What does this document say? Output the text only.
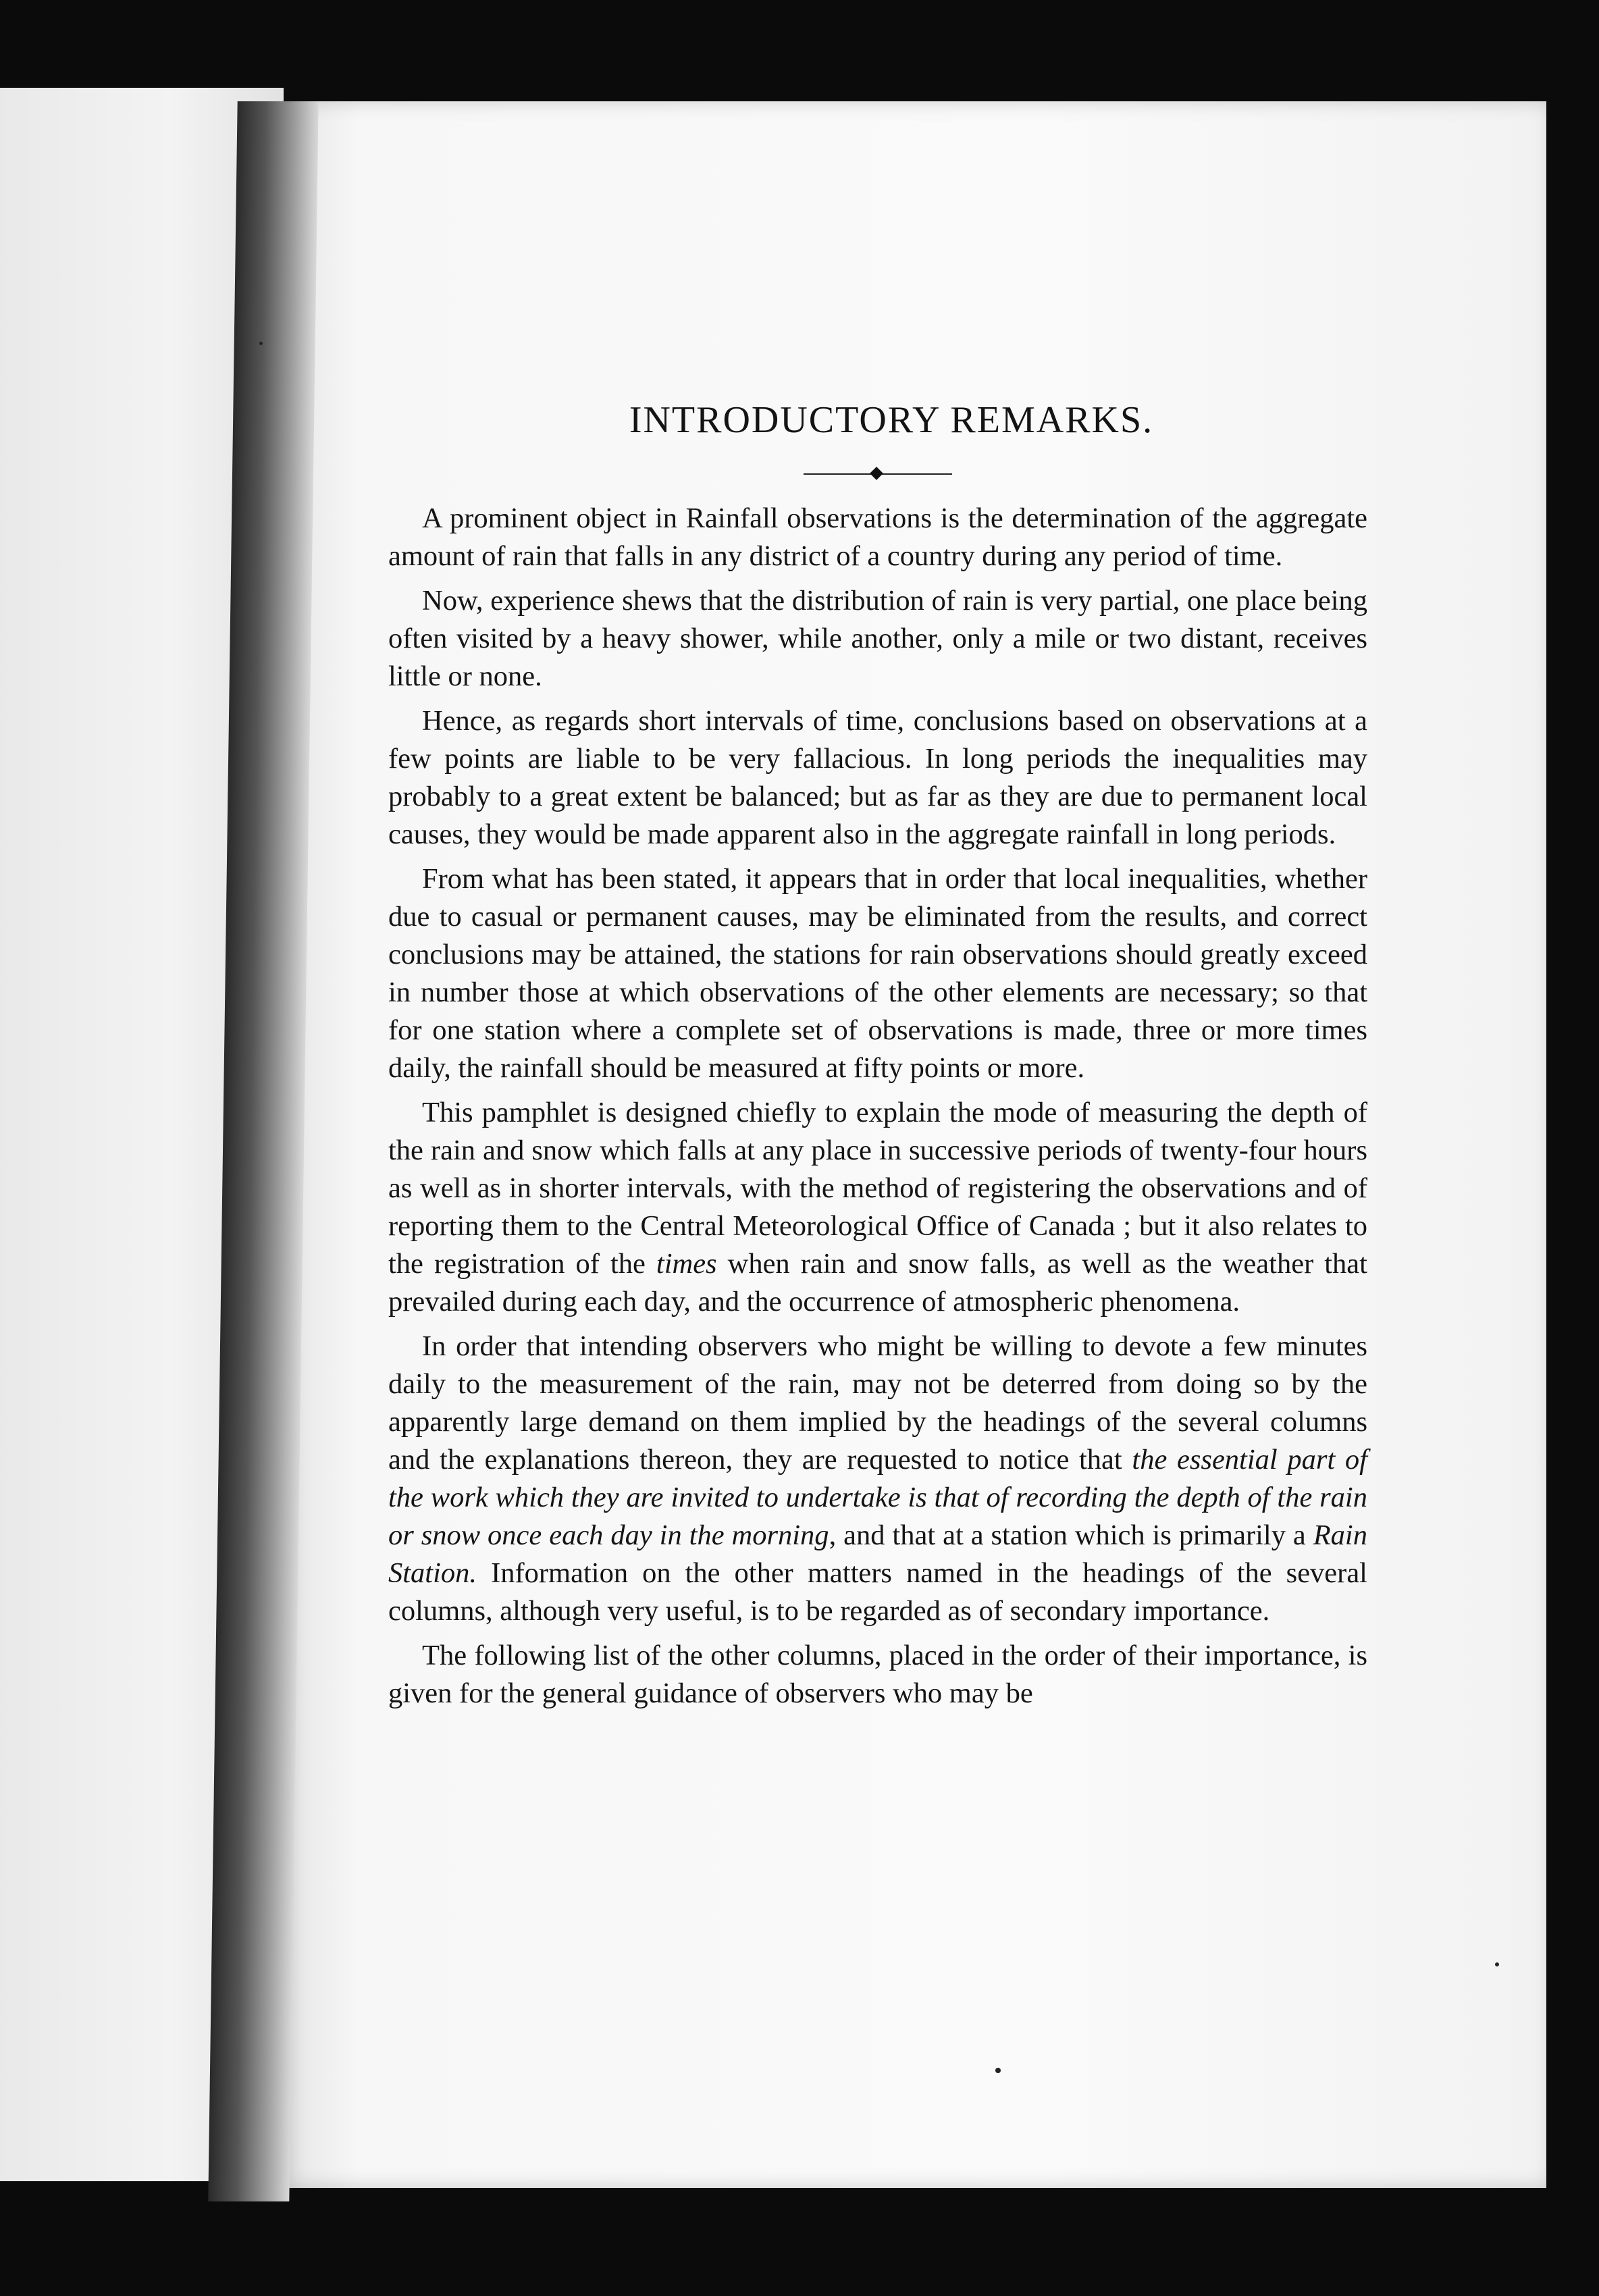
INTRODUCTORY REMARKS.

A prominent object in Rainfall observations is the determination of the aggregate amount of rain that falls in any district of a country during any period of time.

Now, experience shews that the distribution of rain is very partial, one place being often visited by a heavy shower, while another, only a mile or two distant, receives little or none.

Hence, as regards short intervals of time, conclusions based on observations at a few points are liable to be very fallacious. In long periods the inequalities may probably to a great extent be balanced; but as far as they are due to permanent local causes, they would be made apparent also in the aggregate rainfall in long periods.

From what has been stated, it appears that in order that local inequalities, whether due to casual or permanent causes, may be eliminated from the results, and correct conclusions may be attained, the stations for rain observations should greatly exceed in number those at which observations of the other elements are necessary; so that for one station where a complete set of observations is made, three or more times daily, the rainfall should be measured at fifty points or more.

This pamphlet is designed chiefly to explain the mode of measuring the depth of the rain and snow which falls at any place in successive periods of twenty-four hours as well as in shorter intervals, with the method of registering the observations and of reporting them to the Central Meteorological Office of Canada ; but it also relates to the registration of the times when rain and snow falls, as well as the weather that prevailed during each day, and the occurrence of atmospheric phenomena.

In order that intending observers who might be willing to devote a few minutes daily to the measurement of the rain, may not be deterred from doing so by the apparently large demand on them implied by the headings of the several columns and the explanations thereon, they are requested to notice that the essential part of the work which they are invited to undertake is that of recording the depth of the rain or snow once each day in the morning, and that at a station which is primarily a Rain Station. Information on the other matters named in the headings of the several columns, although very useful, is to be regarded as of secondary importance.

The following list of the other columns, placed in the order of their importance, is given for the general guidance of observers who may be
